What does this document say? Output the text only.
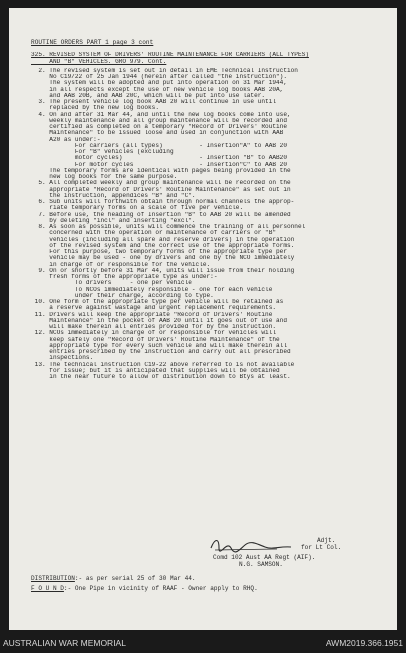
ROUTINE ORDERS PART 1 page 3 cont
325. REVISED SYSTEM OF DRIVERS' ROUTINE MAINTENANCE FOR CARRIERS (ALL TYPES)
AND "B" VEHICLES. GRO 979. Cont.
2. The revised system is set out in detail in EME Technical Instruction
No C19/22 of 25 Jan 1944 (herein after called "the instruction").
The system will be adopted and put into operation on 31 Mar 1944,
in all respects except the use of new vehicle log books AAB 20A,
and AAB 20B, and AAB 20C, which will be put into use later.
3. The present vehicle log book AAB 20 will continue in use until
replaced by the new log books.
4. On and after 31 Mar 44, and until the new log books come into use,
weekly maintenance and all group maintenance will be recorded and
certified as completed on a temporary "Record of Drivers' Routine
Maintenance" to be issued loose and used in conjunction with AAB
A20 as under:-
For carriers (all types)          - Insertion"A" to AAB 20
For "B" vehicles (excluding
motor cycles)                     - Insertion "B" to AAB20
For motor cycles                  - Insertion"C" to AAB 20
The temporary forms are identical with pages being provided in the
new log books for the same purpose.
5. All completed weekly and group maintenance will be recorded on the
appropriate "Record of Drivers' Routine Maintenance" as set out in
the instruction, appendices "B" and "C".
6. Sub units will forthwith obtain through normal channels the approp-
riate temporary forms on a scale of five per vehicle.
7. Before use, the heading of Insertion "B" to AAB 20 will be amended
by deleting "incl" and inserting "excl".
8. As soon as possible, units will commence the training of all personnel
concerned with the operation or maintenance of carriers or "B"
vehicles (including all spare and reserve drivers) in the operation
of the revised system and the correct use of the appropriate forms.
For this purpose, two temporary forms of the appropriate type per
vehicle may be used - one by drivers and one by the NCO immediately
in charge of or responsible for the vehicle.
9. On or shortly before 31 Mar 44, units will issue from their holding
fresh forms of the appropriate type as under:-
To drivers     - one per vehicle
To NCOs immediately responsible - one for each vehicle
under their charge, according to type.
10. One form of the appropriate type per vehicle will be retained as
a reserve against wastage and urgent replacement requirements.
11. Drivers will keep the appropriate "Record of Drivers' Routine
Maintenance" in the pocket of AAB 20 until it goes out of use and
will make therein all entries provided for by the instruction.
12. NCOs immediately in charge of or responsible for vehicles will
keep safely one "Record of Drivers' Routine Maintenance" of the
appropriate type for every such vehicle and will make therein all
entries prescribed by the instruction and carry out all prescribed
inspections.
13. The technical instruction C19-22 above referred to is not available
for issue; but it is anticipated that supplies will be obtained
in the near future to allow of distribution down to Btys at least.
Adjt.
for Lt Col.
Comd 102 Aust AA Regt (AIF).
N.G. SAMSON.
DISTRIBUTION:- as per serial 25 of 30 Mar 44.
F O U N D:- One Pipe in vicinity of RAAF - Owner apply to RHQ.
AUSTRALIAN WAR MEMORIAL	AWM2019.366.1951
